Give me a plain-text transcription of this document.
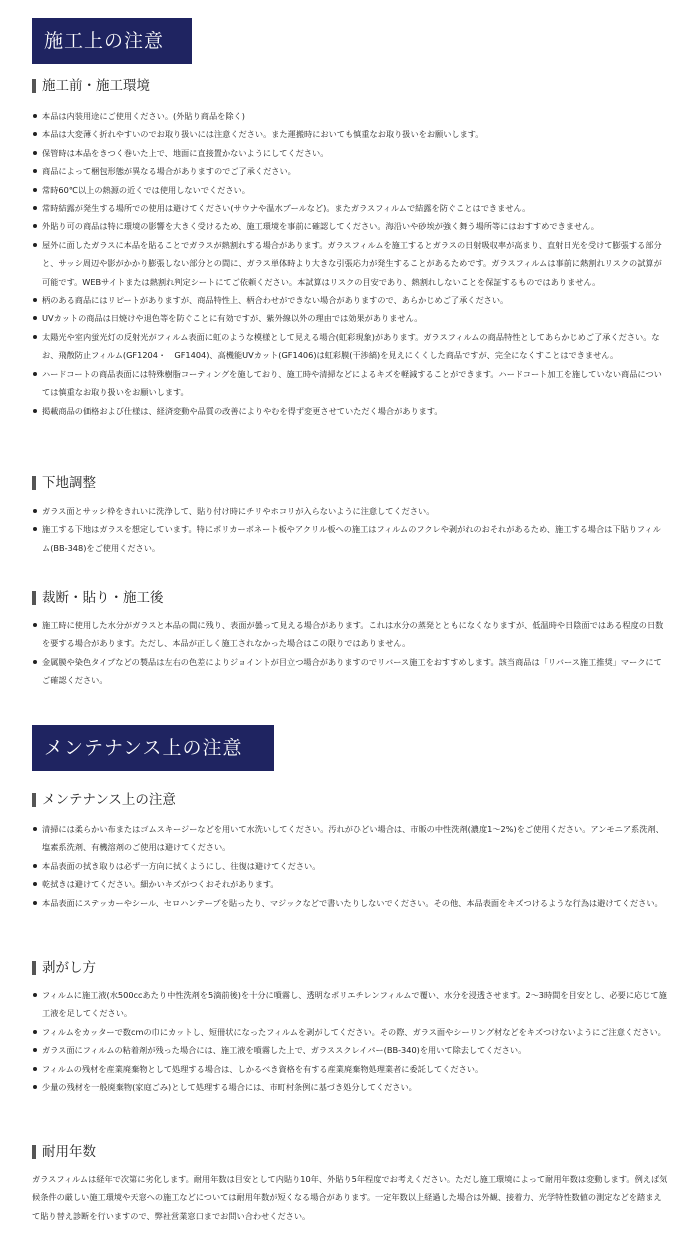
施工上の注意
施工前・施工環境
本品は内装用途にご使用ください。(外貼り商品を除く)
本品は大変薄く折れやすいのでお取り扱いには注意ください。また運搬時においても慎重なお取り扱いをお願いします。
保管時は本品をきつく巻いた上で、地面に直接置かないようにしてください。
商品によって梱包形態が異なる場合がありますのでご了承ください。
常時60℃以上の熱源の近くでは使用しないでください。
常時結露が発生する場所での使用は避けてください(サウナや温水プールなど)。またガラスフィルムで結露を防ぐことはできません。
外貼り可の商品は特に環境の影響を大きく受けるため、施工環境を事前に確認してください。海沿いや砂埃が強く舞う場所等にはおすすめできません。
屋外に面したガラスに本品を貼ることでガラスが熱割れする場合があります。ガラスフィルムを施工するとガラスの日射吸収率が高まり、直射日光を受けて膨張する部分と、サッシ周辺や影がかかり膨張しない部分との間に、ガラス単体時より大きな引張応力が発生することがあるためです。ガラスフィルムは事前に熱割れリスクの試算が可能です。WEBサイトまたは熱割れ判定シートにてご依頼ください。本試算はリスクの目安であり、熱割れしないことを保証するものではありません。
柄のある商品にはリピートがありますが、商品特性上、柄合わせができない場合がありますので、あらかじめご了承ください。
UVカットの商品は日焼けや退色等を防ぐことに有効ですが、紫外線以外の理由では効果がありません。
太陽光や室内蛍光灯の反射光がフィルム表面に虹のような模様として見える場合(虹彩現象)があります。ガラスフィルムの商品特性としてあらかじめご了承ください。なお、飛散防止フィルム(GF1204・　GF1404)、高機能UVカット(GF1406)は虹彩膜(干渉縞)を見えにくくした商品ですが、完全になくすことはできません。
ハードコートの商品表面には特殊樹脂コーティングを施しており、施工時や清掃などによるキズを軽減することができます。ハードコート加工を施していない商品については慎重なお取り扱いをお願いします。
掲載商品の価格および仕様は、経済変動や品質の改善によりやむを得ず変更させていただく場合があります。
下地調整
ガラス面とサッシ枠をきれいに洗浄して、貼り付け時にチリやホコリが入らないように注意してください。
施工する下地はガラスを想定しています。特にポリカーボネート板やアクリル板への施工はフィルムのフクレや剥がれのおそれがあるため、施工する場合は下貼りフィルム(BB-348)をご使用ください。
裁断・貼り・施工後
施工時に使用した水分がガラスと本品の間に残り、表面が曇って見える場合があります。これは水分の蒸発とともになくなりますが、低温時や日陰面ではある程度の日数を要する場合があります。ただし、本品が正しく施工されなかった場合はこの限りではありません。
金属膜や染色タイプなどの製品は左右の色差によりジョイントが目立つ場合がありますのでリバース施工をおすすめします。該当商品は「リバース施工推奨」マークにてご確認ください。
メンテナンス上の注意
メンテナンス上の注意
清掃には柔らかい布またはゴムスキージーなどを用いて水洗いしてください。汚れがひどい場合は、市販の中性洗剤(濃度1〜2%)をご使用ください。アンモニア系洗剤、塩素系洗剤、有機溶剤のご使用は避けてください。
本品表面の拭き取りは必ず一方向に拭くようにし、往復は避けてください。
乾拭きは避けてください。細かいキズがつくおそれがあります。
本品表面にステッカーやシール、セロハンテープを貼ったり、マジックなどで書いたりしないでください。その他、本品表面をキズつけるような行為は避けてください。
剥がし方
フィルムに施工液(水500ccあたり中性洗剤を5滴前後)を十分に噴霧し、透明なポリエチレンフィルムで覆い、水分を浸透させます。2〜3時間を目安とし、必要に応じて施工液を足してください。
フィルムをカッターで数cmの巾にカットし、短冊状になったフィルムを剥がしてください。その際、ガラス面やシーリング材などをキズつけないようにご注意ください。
ガラス面にフィルムの粘着剤が残った場合には、施工液を噴霧した上で、ガラススクレイパー(BB-340)を用いて除去してください。
フィルムの残材を産業廃棄物として処理する場合は、しかるべき資格を有する産業廃棄物処理業者に委託してください。
少量の残材を一般廃棄物(家庭ごみ)として処理する場合には、市町村条例に基づき処分してください。
耐用年数

ガラスフィルムは経年で次第に劣化します。耐用年数は目安として内貼り10年、外貼り5年程度でお考えください。ただし施工環境によって耐用年数は変動します。例えば気候条件の厳しい施工環境や天窓への施工などについては耐用年数が短くなる場合があります。一定年数以上経過した場合は外観、接着力、光学特性数値の測定などを踏まえて貼り替え診断を行いますので、弊社営業窓口までお問い合わせください。
